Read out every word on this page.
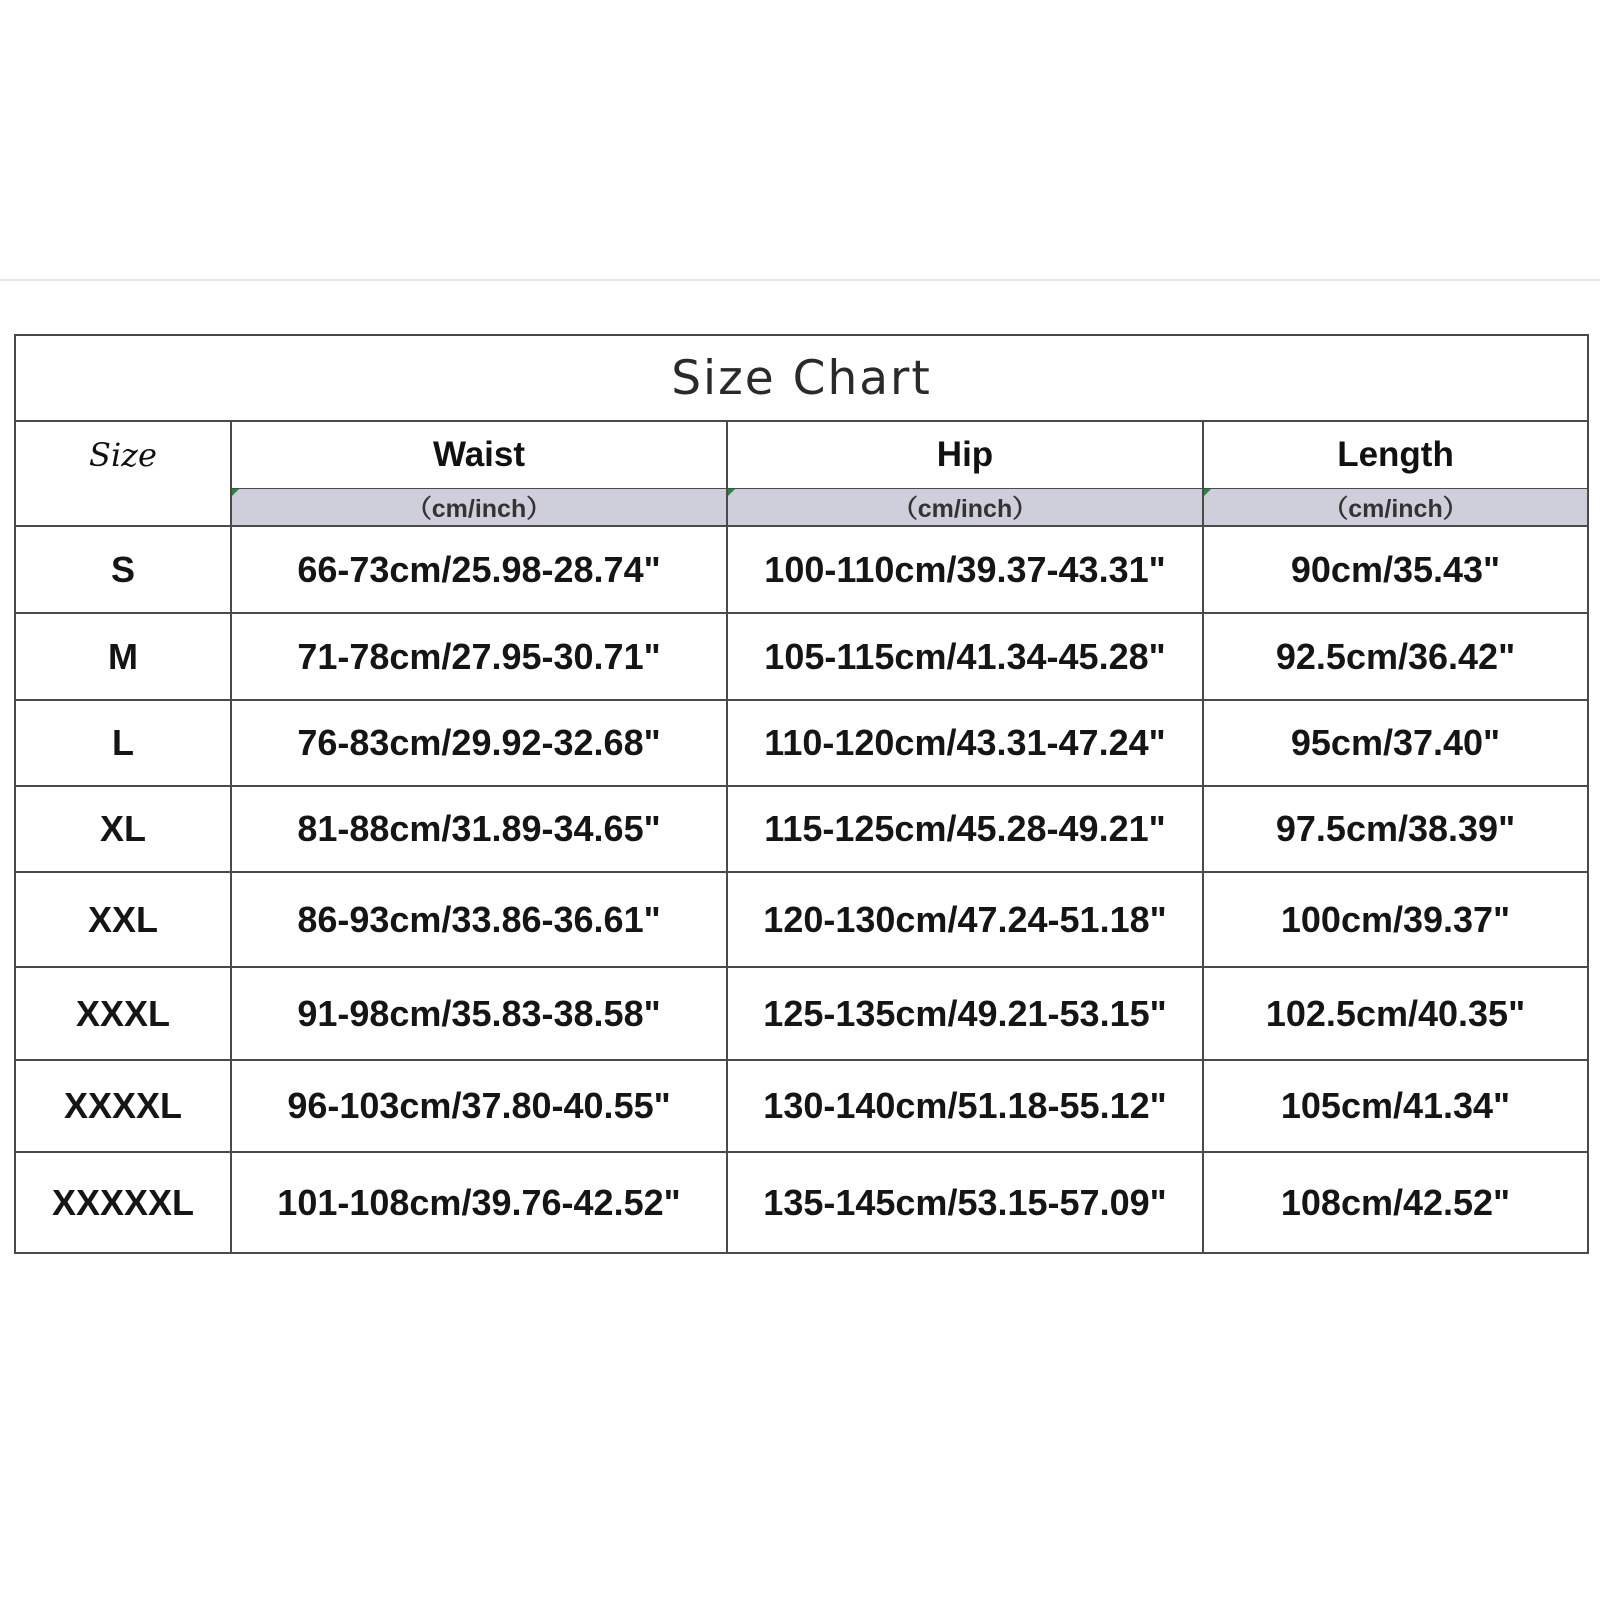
Size Chart			
Size	Waist	Hip	Length
	（cm/inch）	（cm/inch）	（cm/inch）
S	66-73cm/25.98-28.74"	100-110cm/39.37-43.31"	90cm/35.43"
M	71-78cm/27.95-30.71"	105-115cm/41.34-45.28"	92.5cm/36.42"
L	76-83cm/29.92-32.68"	110-120cm/43.31-47.24"	95cm/37.40"
XL	81-88cm/31.89-34.65"	115-125cm/45.28-49.21"	97.5cm/38.39"
XXL	86-93cm/33.86-36.61"	120-130cm/47.24-51.18"	100cm/39.37"
XXXL	91-98cm/35.83-38.58"	125-135cm/49.21-53.15"	102.5cm/40.35"
XXXXL	96-103cm/37.80-40.55"	130-140cm/51.18-55.12"	105cm/41.34"
XXXXXL	101-108cm/39.76-42.52"	135-145cm/53.15-57.09"	108cm/42.52"
